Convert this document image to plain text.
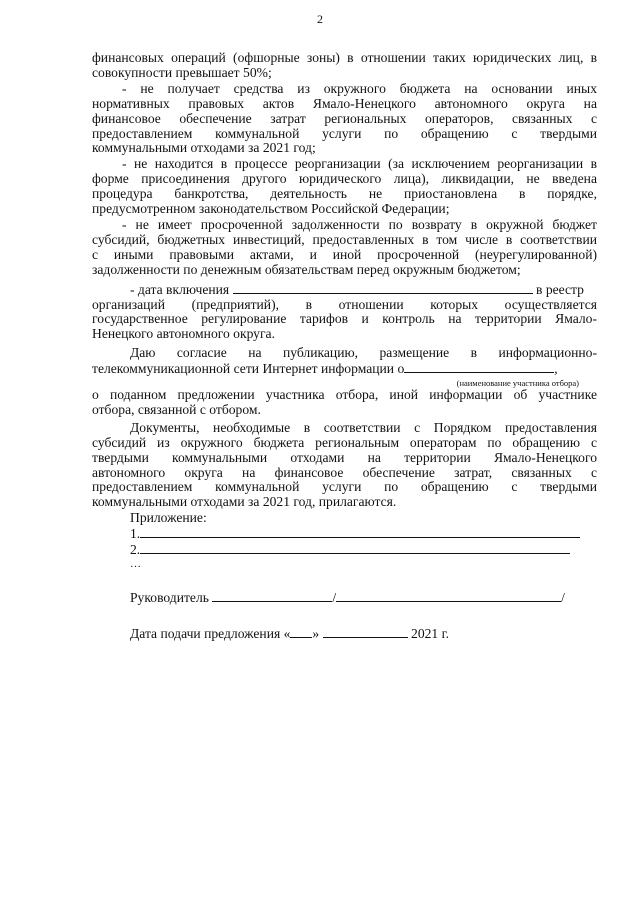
2
финансовых операций (офшорные зоны) в отношении таких юридических лиц, в
совокупности превышает 50%;
- не получает средства из окружного бюджета на основании иных
нормативных правовых актов Ямало-Ненецкого автономного округа на
финансовое обеспечение затрат региональных операторов, связанных с
предоставлением коммунальной услуги по обращению с твердыми
коммунальными отходами за 2021 год;
- не находится в процессе реорганизации (за исключением реорганизации в
форме присоединения другого юридического лица), ликвидации, не введена
процедура банкротства, деятельность не приостановлена в порядке,
предусмотренном законодательством Российской Федерации;
- не имеет просроченной задолженности по возврату в окружной бюджет
субсидий, бюджетных инвестиций, предоставленных в том числе в соответствии
с иными правовыми актами, и иной просроченной (неурегулированной)
задолженности по денежным обязательствам перед окружным бюджетом;
- дата включения	в реестр
организаций (предприятий), в отношении которых осуществляется
государственное регулирование тарифов и контроль на территории Ямало-
Ненецкого автономного округа.
Даю согласие на публикацию, размещение в информационно-
телекоммуникационной сети Интернет информации о	,
(наименование участника отбора)
о поданном предложении участника отбора, иной информации об участнике
отбора, связанной с отбором.
Документы, необходимые в соответствии с Порядком предоставления
субсидий из окружного бюджета региональным операторам по обращению с
твердыми коммунальными отходами на территории Ямало-Ненецкого
автономного округа на финансовое обеспечение затрат, связанных с
предоставлением коммунальной услуги по обращению с твердыми
коммунальными отходами за 2021 год, прилагаются.
Приложение:
1.
2.
…
Руководитель	/	/
Дата подачи предложения « »	2021 г.
